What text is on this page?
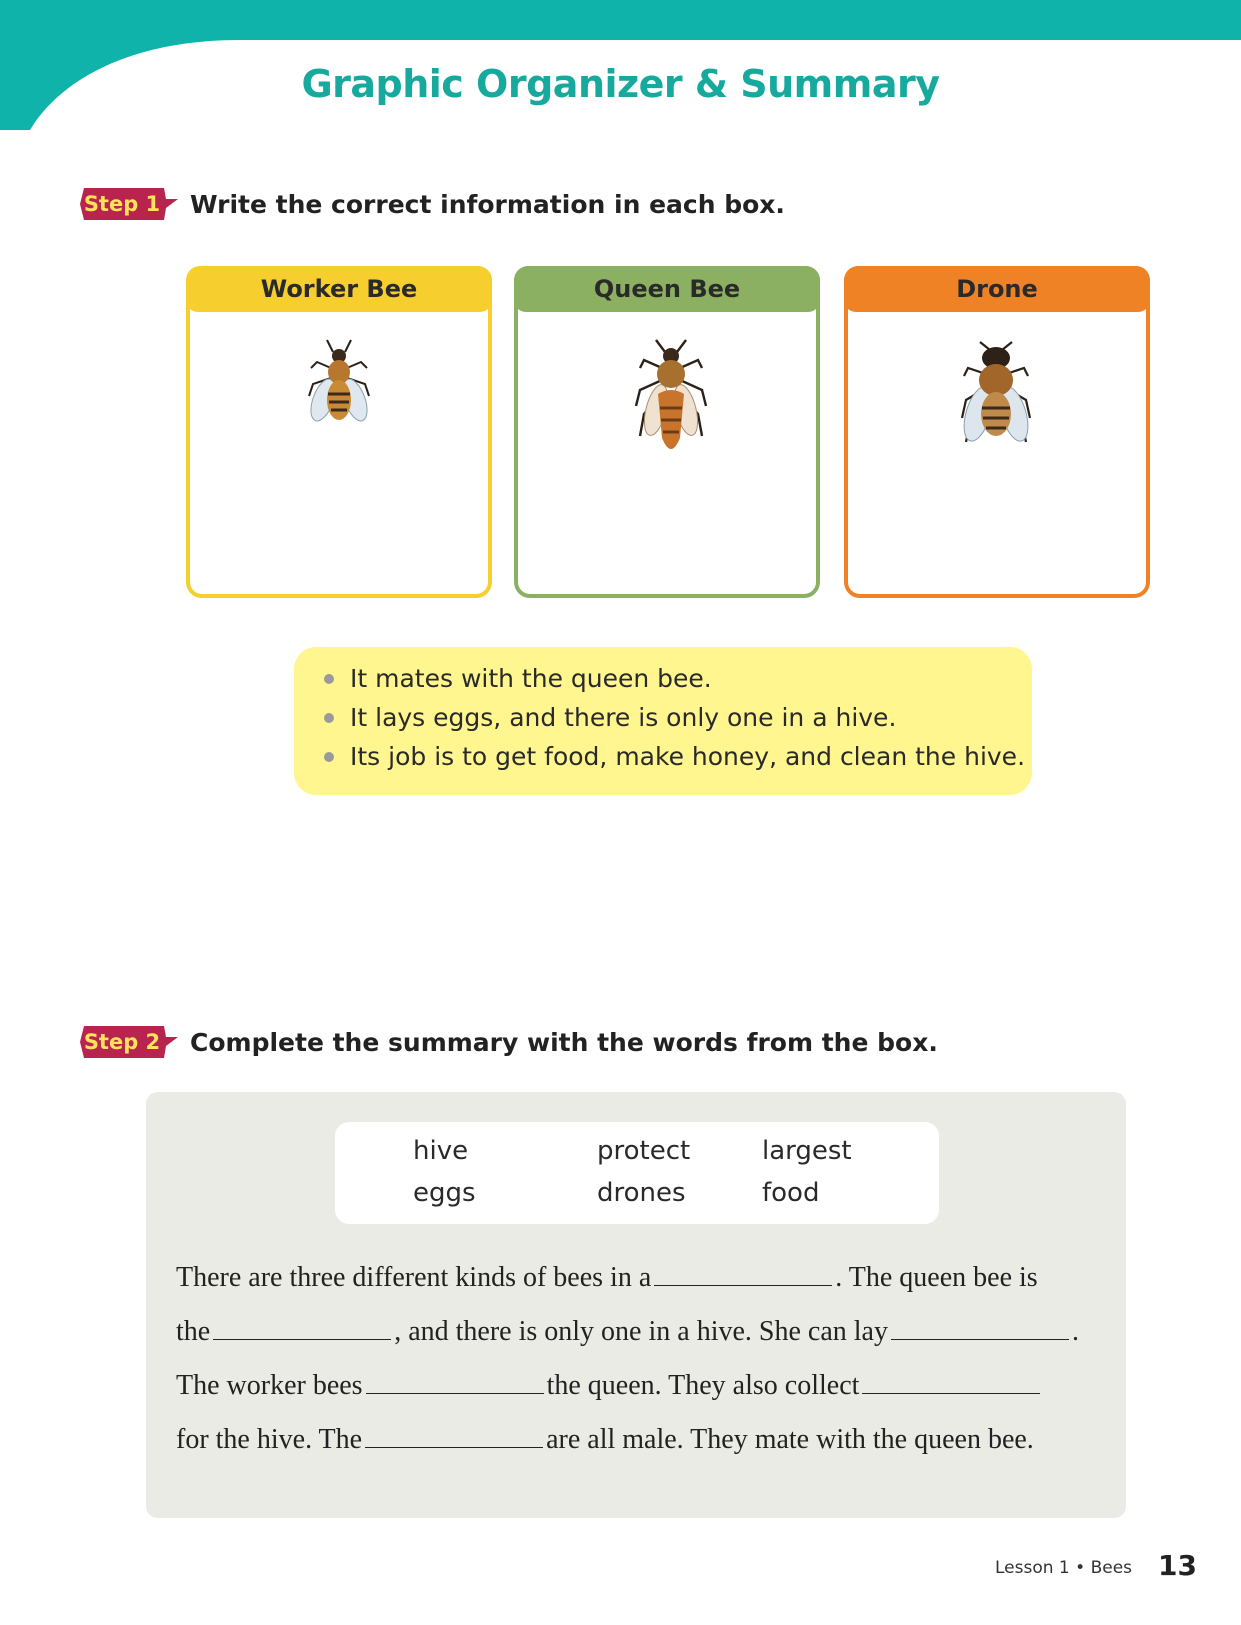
Graphic Organizer & Summary
Step 1 Write the correct information in each box.
Worker Bee	Queen Bee	Drone
It mates with the queen bee.
It lays eggs, and there is only one in a hive.
Its job is to get food, make honey, and clean the hive.
Step 2 Complete the summary with the words from the box.
hive	protect	largest
eggs	drones	food
There are three different kinds of bees in a	. The queen bee is
the	, and there is only one in a hive. She can lay	.
The worker bees	the queen. They also collect
for the hive. The	are all male. They mate with the queen bee.
Lesson 1 • Bees 13
